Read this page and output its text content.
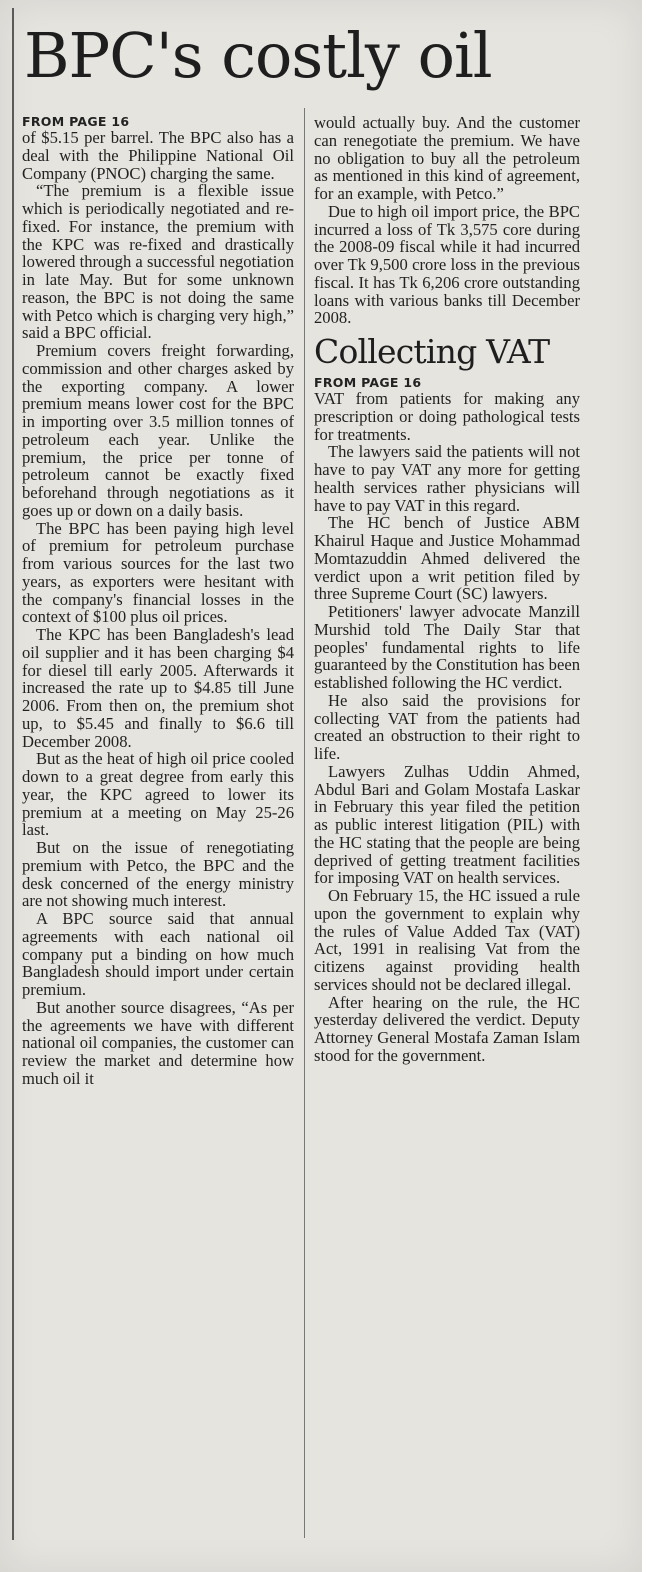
BPC's costly oil

FROM PAGE 16

of $5.15 per barrel. The BPC also has a deal with the Philippine National Oil Company (PNOC) charging the same.

“The premium is a flexible issue which is periodically negotiated and re-fixed. For instance, the premium with the KPC was re-fixed and drastically lowered through a successful negotiation in late May. But for some unknown reason, the BPC is not doing the same with Petco which is charging very high,” said a BPC official.

Premium covers freight forwarding, commission and other charges asked by the exporting company. A lower premium means lower cost for the BPC in importing over 3.5 million tonnes of petroleum each year. Unlike the premium, the price per tonne of petroleum cannot be exactly fixed beforehand through negotiations as it goes up or down on a daily basis.

The BPC has been paying high level of premium for petroleum purchase from various sources for the last two years, as exporters were hesitant with the company's financial losses in the context of $100 plus oil prices.

The KPC has been Bangladesh's lead oil supplier and it has been charging $4 for diesel till early 2005. Afterwards it increased the rate up to $4.85 till June 2006. From then on, the premium shot up, to $5.45 and finally to $6.6 till December 2008.

But as the heat of high oil price cooled down to a great degree from early this year, the KPC agreed to lower its premium at a meeting on May 25-26 last.

But on the issue of renegotiating premium with Petco, the BPC and the desk concerned of the energy ministry are not showing much interest.

A BPC source said that annual agreements with each national oil company put a binding on how much Bangladesh should import under certain premium.

But another source disagrees, “As per the agreements we have with different national oil companies, the customer can review the market and determine how much oil it

would actually buy. And the customer can renegotiate the premium. We have no obligation to buy all the petroleum as mentioned in this kind of agreement, for an example, with Petco.”

Due to high oil import price, the BPC incurred a loss of Tk 3,575 core during the 2008-09 fiscal while it had incurred over Tk 9,500 crore loss in the previous fiscal. It has Tk 6,206 crore outstanding loans with various banks till December 2008.

Collecting VAT

FROM PAGE 16

VAT from patients for making any prescription or doing pathological tests for treatments.

The lawyers said the patients will not have to pay VAT any more for getting health services rather physicians will have to pay VAT in this regard.

The HC bench of Justice ABM Khairul Haque and Justice Mohammad Momtazuddin Ahmed delivered the verdict upon a writ petition filed by three Supreme Court (SC) lawyers.

Petitioners' lawyer advocate Manzill Murshid told The Daily Star that peoples' fundamental rights to life guaranteed by the Constitution has been established following the HC verdict.

He also said the provisions for collecting VAT from the patients had created an obstruction to their right to life.

Lawyers Zulhas Uddin Ahmed, Abdul Bari and Golam Mostafa Laskar in February this year filed the petition as public interest litigation (PIL) with the HC stating that the people are being deprived of getting treatment facilities for imposing VAT on health services.

On February 15, the HC issued a rule upon the government to explain why the rules of Value Added Tax (VAT) Act, 1991 in realising Vat from the citizens against providing health services should not be declared illegal.

After hearing on the rule, the HC yesterday delivered the verdict. Deputy Attorney General Mostafa Zaman Islam stood for the government.
